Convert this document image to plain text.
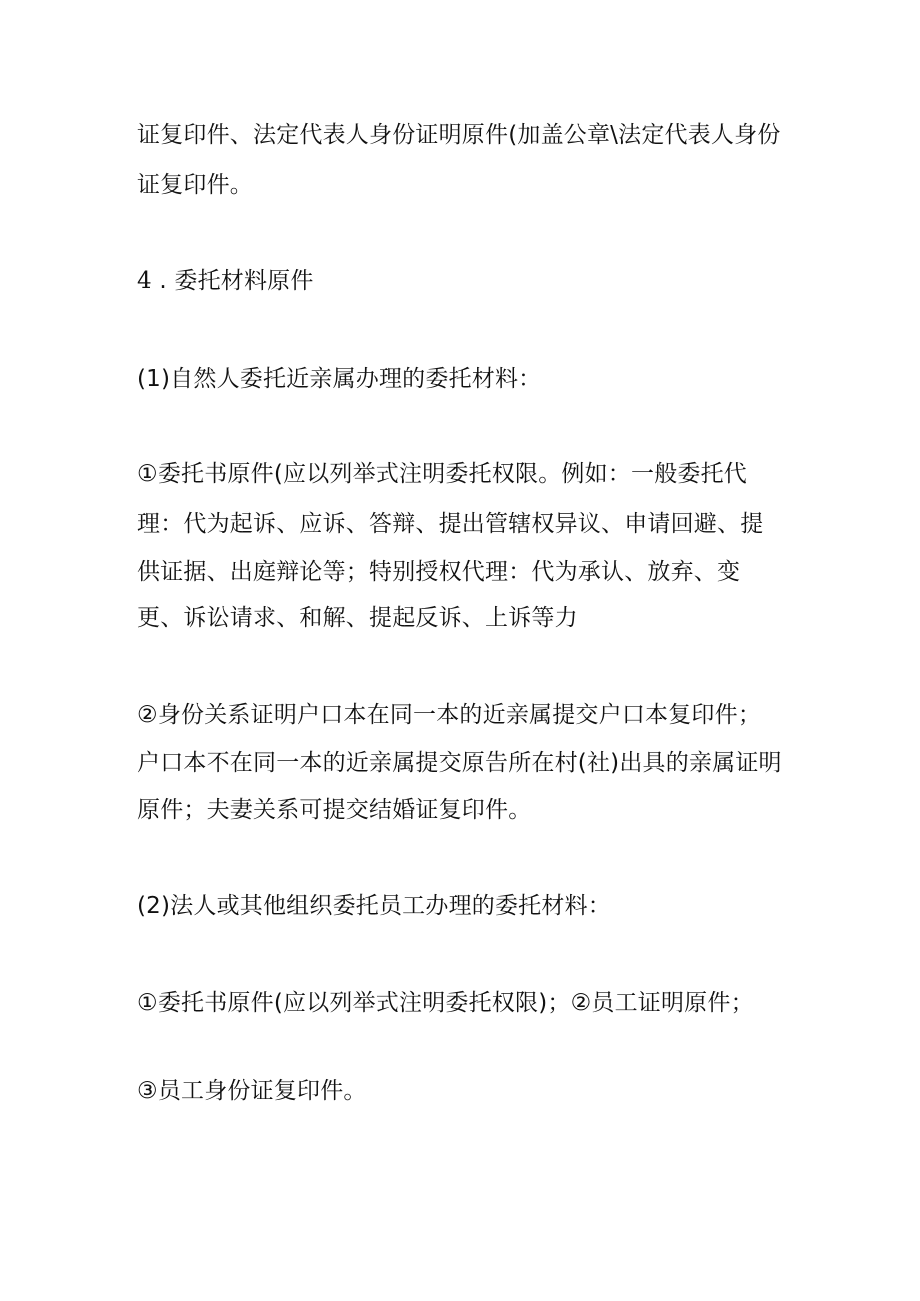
证复印件、法定代表人身份证明原件(加盖公章\法定代表人身份
证复印件。
4 . 委托材料原件
(1)自然人委托近亲属办理的委托材料：
①委托书原件(应以列举式注明委托权限。例如：一般委托代
理：代为起诉、应诉、答辩、提出管辖权异议、申请回避、提
供证据、出庭辩论等；特别授权代理：代为承认、放弃、变
更、诉讼请求、和解、提起反诉、上诉等力
②身份关系证明户口本在同一本的近亲属提交户口本复印件；
户口本不在同一本的近亲属提交原告所在村(社)出具的亲属证明
原件；夫妻关系可提交结婚证复印件。
(2)法人或其他组织委托员工办理的委托材料：
①委托书原件(应以列举式注明委托权限)；②员工证明原件；
③员工身份证复印件。
